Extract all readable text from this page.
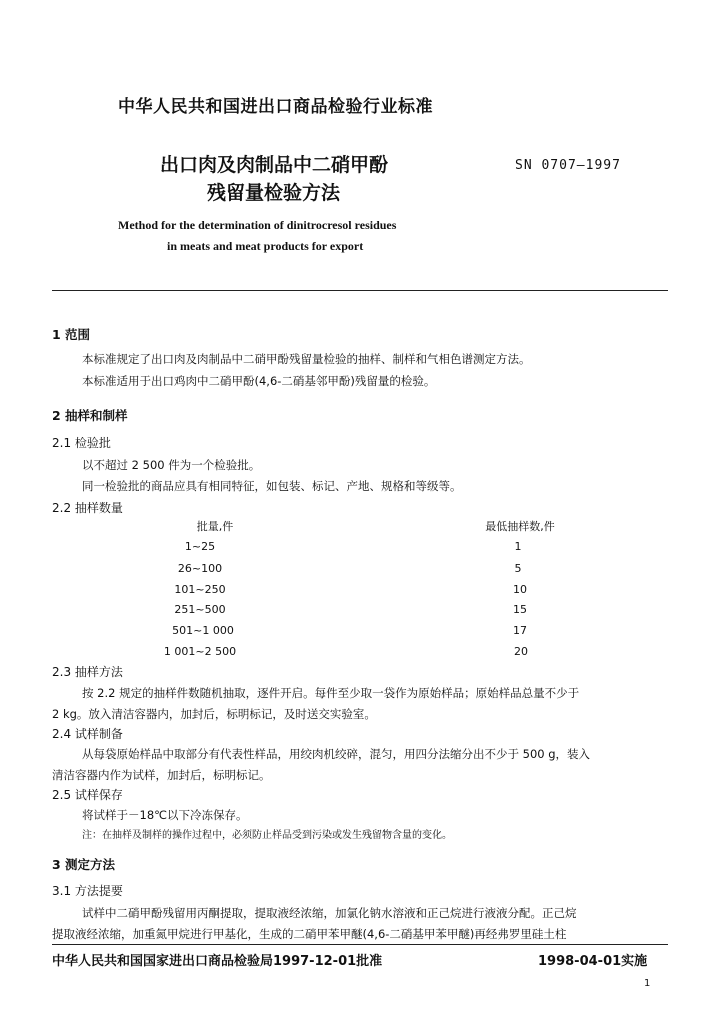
中华人民共和国进出口商品检验行业标准
出口肉及肉制品中二硝甲酚
残留量检验方法
SN 0707—1997
Method for the determination of dinitrocresol residues
in meats and meat products for export
1 范围
本标准规定了出口肉及肉制品中二硝甲酚残留量检验的抽样、制样和气相色谱测定方法。
本标准适用于出口鸡肉中二硝甲酚(4,6-二硝基邻甲酚)残留量的检验。
2 抽样和制样
2.1 检验批
以不超过 2 500 件为一个检验批。
同一检验批的商品应具有相同特征，如包装、标记、产地、规格和等级等。
2.2 抽样数量
批量,件	最低抽样数,件
1~25	1
26~100	5
101~250	10
251~500	15
501~1 000	17
1 001~2 500	20
2.3 抽样方法
按 2.2 规定的抽样件数随机抽取，逐件开启。每件至少取一袋作为原始样品；原始样品总量不少于
2 kg。放入清洁容器内，加封后，标明标记，及时送交实验室。
2.4 试样制备
从每袋原始样品中取部分有代表性样品，用绞肉机绞碎，混匀，用四分法缩分出不少于 500 g，装入
清洁容器内作为试样，加封后，标明标记。
2.5 试样保存
将试样于－18℃以下冷冻保存。
注：在抽样及制样的操作过程中，必须防止样品受到污染或发生残留物含量的变化。
3 测定方法
3.1 方法提要
试样中二硝甲酚残留用丙酮提取，提取液经浓缩，加氯化钠水溶液和正己烷进行液液分配。正己烷
提取液经浓缩，加重氮甲烷进行甲基化，生成的二硝甲苯甲醚(4,6-二硝基甲苯甲醚)再经弗罗里硅土柱
中华人民共和国国家进出口商品检验局1997-12-01批准	1998-04-01实施
1
